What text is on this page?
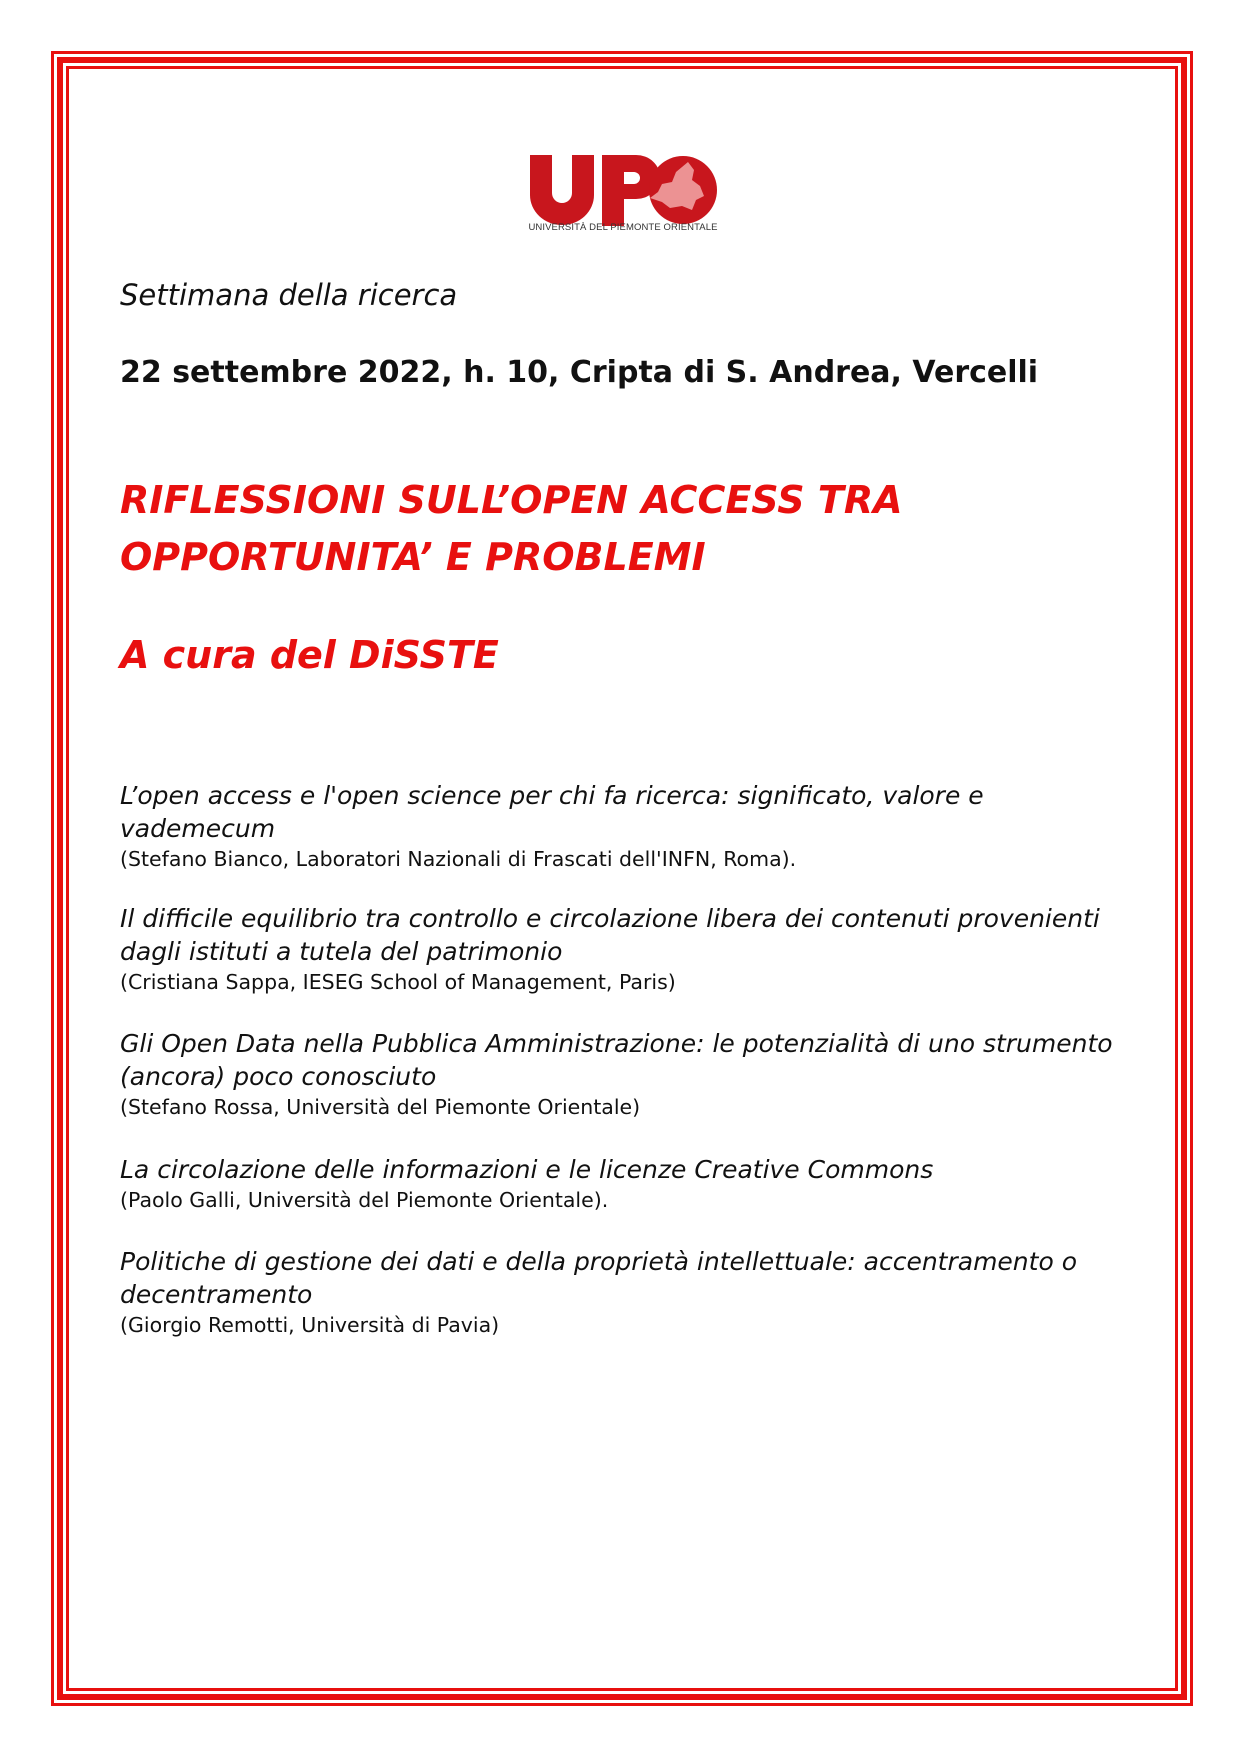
UNIVERSITÀ DEL PIEMONTE ORIENTALE

Settimana della ricerca

22 settembre 2022, h. 10, Cripta di S. Andrea, Vercelli

RIFLESSIONI SULL’OPEN ACCESS TRA
OPPORTUNITA’ E PROBLEMI

A cura del DiSSTE

L’open access e l'open science per chi fa ricerca: significato, valore e vademecum

(Stefano Bianco, Laboratori Nazionali di Frascati dell'INFN, Roma).

Il difficile equilibrio tra controllo e circolazione libera dei contenuti provenienti dagli istituti a tutela del patrimonio

(Cristiana Sappa, IESEG School of Management, Paris)

Gli Open Data nella Pubblica Amministrazione: le potenzialità di uno strumento (ancora) poco conosciuto

(Stefano Rossa, Università del Piemonte Orientale)

La circolazione delle informazioni e le licenze Creative Commons

(Paolo Galli, Università del Piemonte Orientale).

Politiche di gestione dei dati e della proprietà intellettuale: accentramento o decentramento

(Giorgio Remotti, Università di Pavia)
